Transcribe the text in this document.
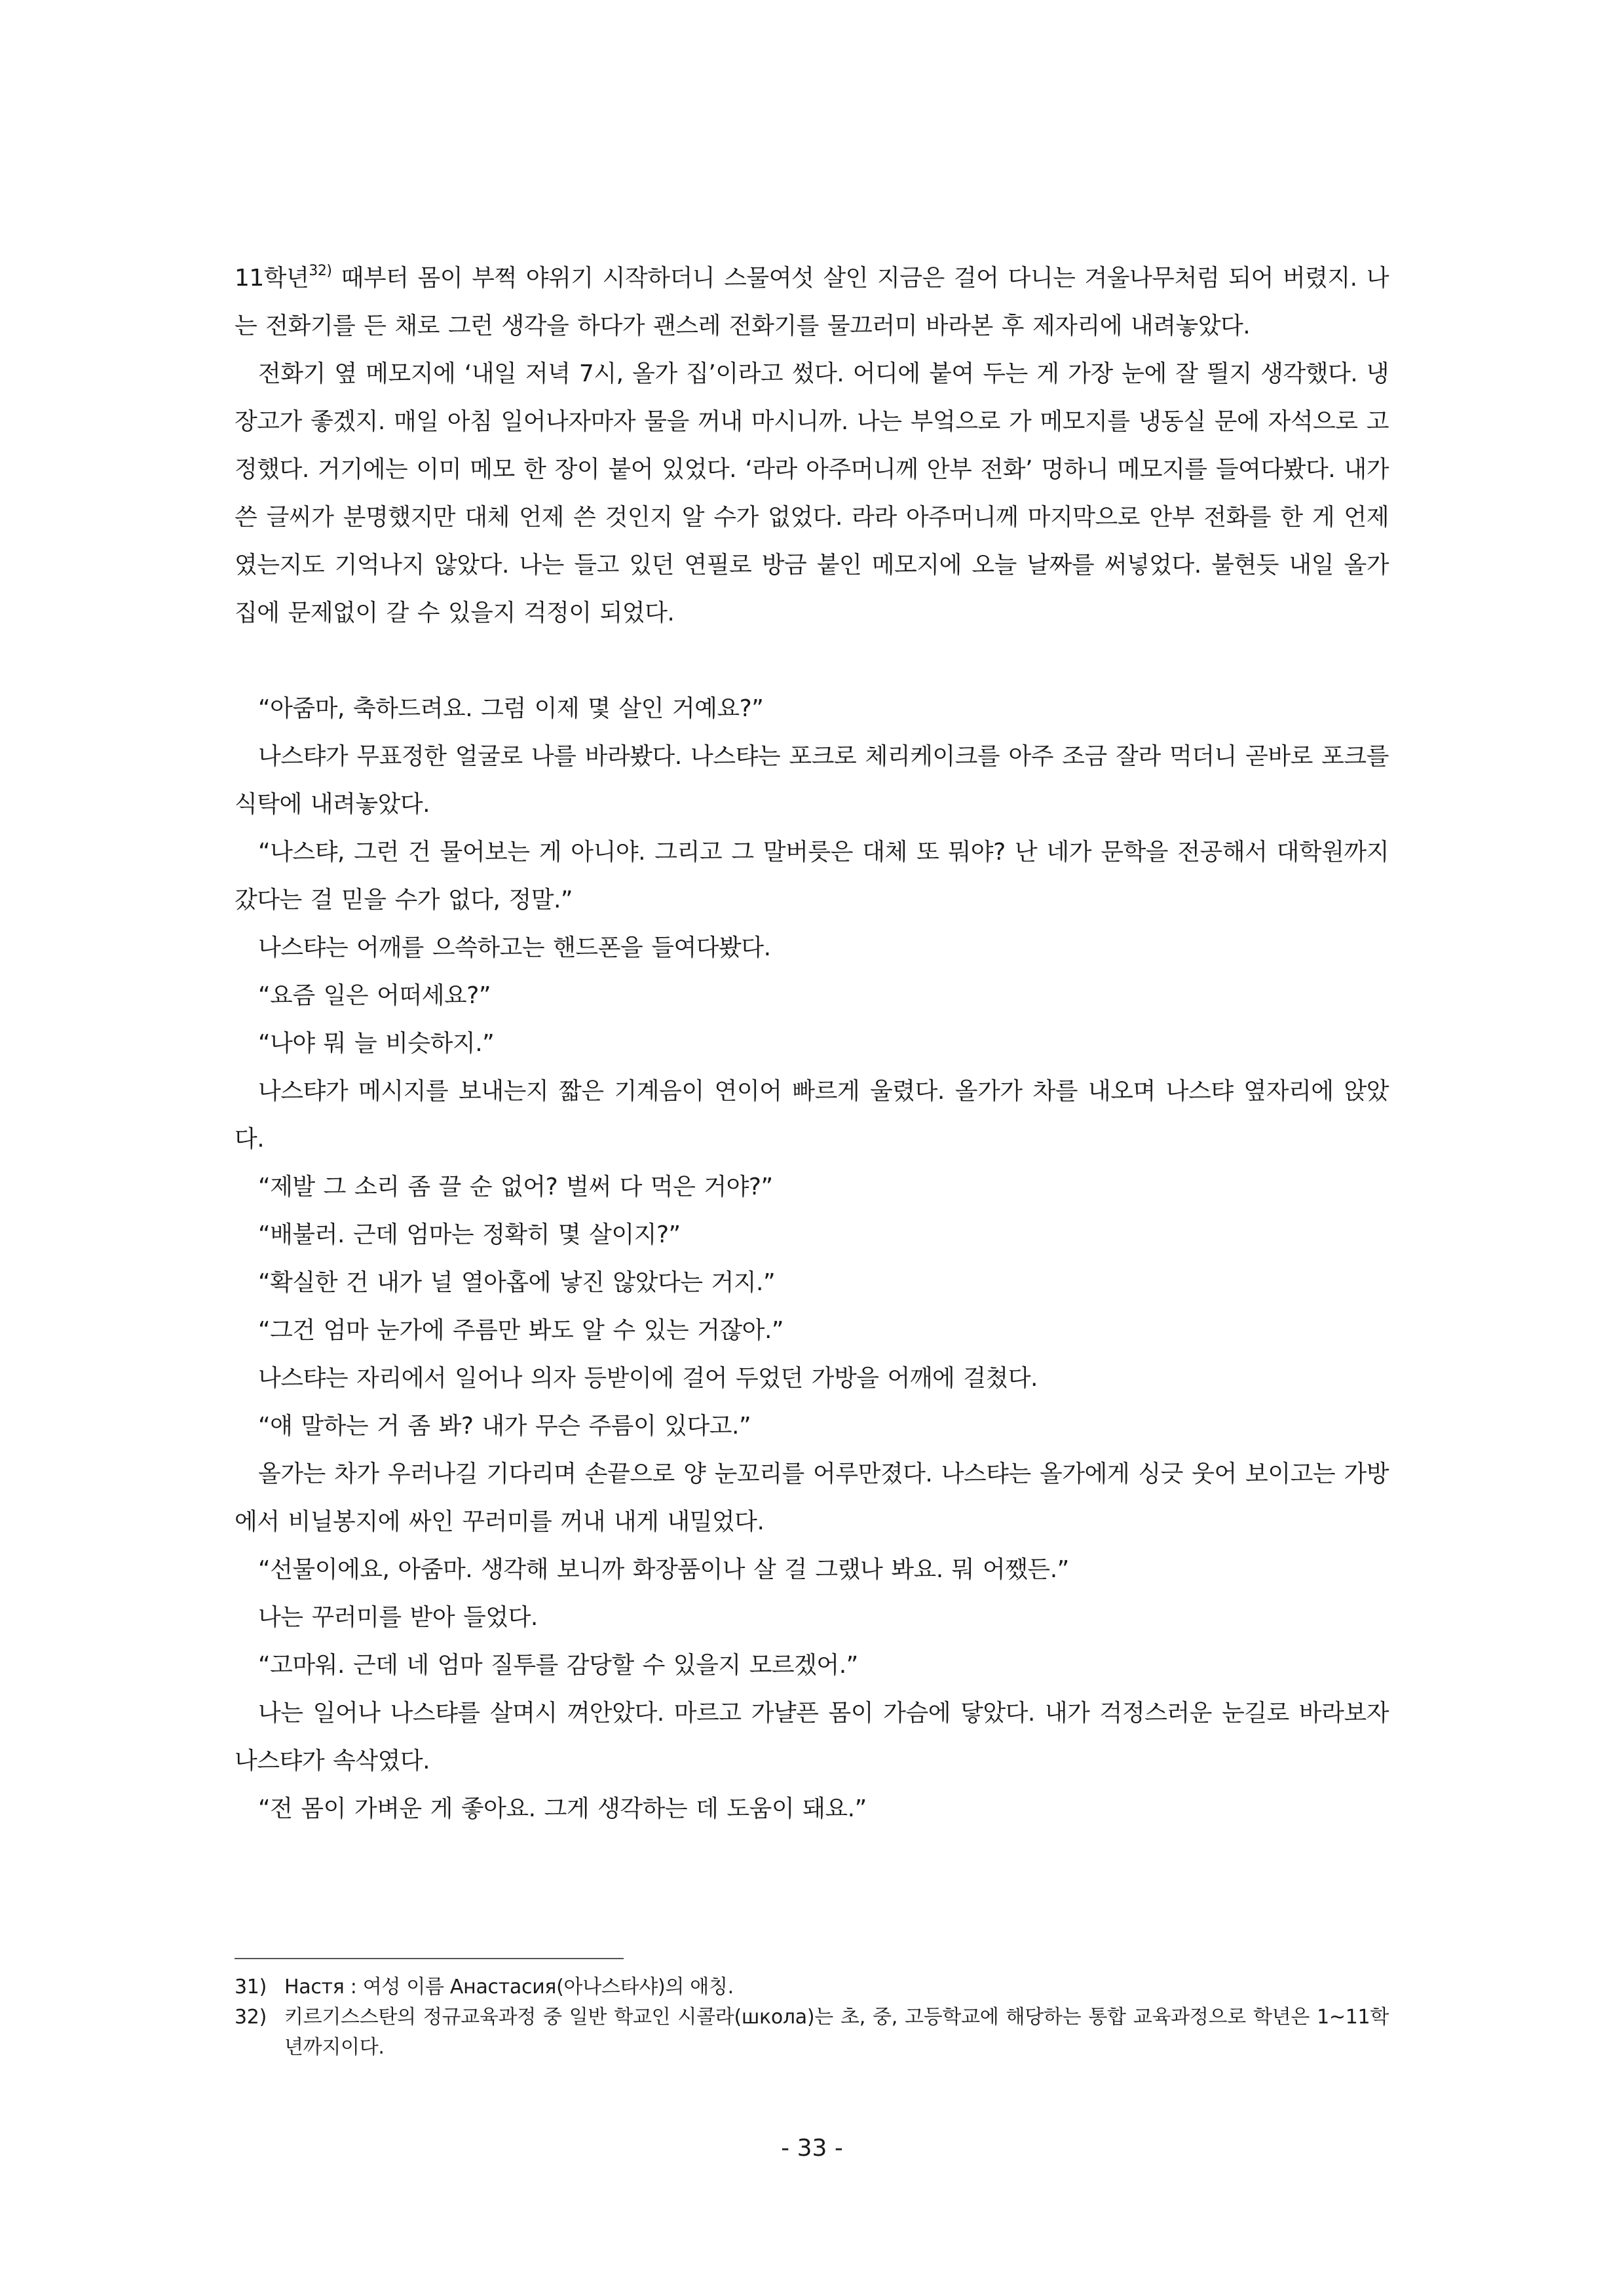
11학년$^{32)}$ 때부터 몸이 부쩍 야위기 시작하더니 스물여섯 살인 지금은 걸어 다니는 겨울나무처럼 되어 버렸지. 나는 전화기를 든 채로 그런 생각을 하다가 괜스레 전화기를 물끄러미 바라본 후 제자리에 내려놓았다.

전화기 옆 메모지에 ‘내일 저녁 7시, 올가 집’이라고 썼다. 어디에 붙여 두는 게 가장 눈에 잘 띌지 생각했다. 냉장고가 좋겠지. 매일 아침 일어나자마자 물을 꺼내 마시니까. 나는 부엌으로 가 메모지를 냉동실 문에 자석으로 고정했다. 거기에는 이미 메모 한 장이 붙어 있었다. ‘라라 아주머니께 안부 전화’ 멍하니 메모지를 들여다봤다. 내가 쓴 글씨가 분명했지만 대체 언제 쓴 것인지 알 수가 없었다. 라라 아주머니께 마지막으로 안부 전화를 한 게 언제였는지도 기억나지 않았다. 나는 들고 있던 연필로 방금 붙인 메모지에 오늘 날짜를 써넣었다. 불현듯 내일 올가 집에 문제없이 갈 수 있을지 걱정이 되었다.

“아줌마, 축하드려요. 그럼 이제 몇 살인 거예요?”

나스탸가 무표정한 얼굴로 나를 바라봤다. 나스탸는 포크로 체리케이크를 아주 조금 잘라 먹더니 곧바로 포크를 식탁에 내려놓았다.

“나스탸, 그런 건 물어보는 게 아니야. 그리고 그 말버릇은 대체 또 뭐야? 난 네가 문학을 전공해서 대학원까지 갔다는 걸 믿을 수가 없다, 정말.”

나스탸는 어깨를 으쓱하고는 핸드폰을 들여다봤다.

“요즘 일은 어떠세요?”

“나야 뭐 늘 비슷하지.”

나스탸가 메시지를 보내는지 짧은 기계음이 연이어 빠르게 울렸다. 올가가 차를 내오며 나스탸 옆자리에 앉았다.

“제발 그 소리 좀 끌 순 없어? 벌써 다 먹은 거야?”

“배불러. 근데 엄마는 정확히 몇 살이지?”

“확실한 건 내가 널 열아홉에 낳진 않았다는 거지.”

“그건 엄마 눈가에 주름만 봐도 알 수 있는 거잖아.”

나스탸는 자리에서 일어나 의자 등받이에 걸어 두었던 가방을 어깨에 걸쳤다.

“얘 말하는 거 좀 봐? 내가 무슨 주름이 있다고.”

올가는 차가 우러나길 기다리며 손끝으로 양 눈꼬리를 어루만졌다. 나스탸는 올가에게 싱긋 웃어 보이고는 가방에서 비닐봉지에 싸인 꾸러미를 꺼내 내게 내밀었다.

“선물이에요, 아줌마. 생각해 보니까 화장품이나 살 걸 그랬나 봐요. 뭐 어쨌든.”

나는 꾸러미를 받아 들었다.

“고마워. 근데 네 엄마 질투를 감당할 수 있을지 모르겠어.”

나는 일어나 나스탸를 살며시 껴안았다. 마르고 가냘픈 몸이 가슴에 닿았다. 내가 걱정스러운 눈길로 바라보자 나스탸가 속삭였다.

“전 몸이 가벼운 게 좋아요. 그게 생각하는 데 도움이 돼요.”

31) Настя : 여성 이름 Анастасия(아나스타샤)의 애칭.

32) 키르기스스탄의 정규교육과정 중 일반 학교인 시콜라(школа)는 초, 중, 고등학교에 해당하는 통합 교육과정으로 학년은 1~11학년까지이다.

- 33 -
